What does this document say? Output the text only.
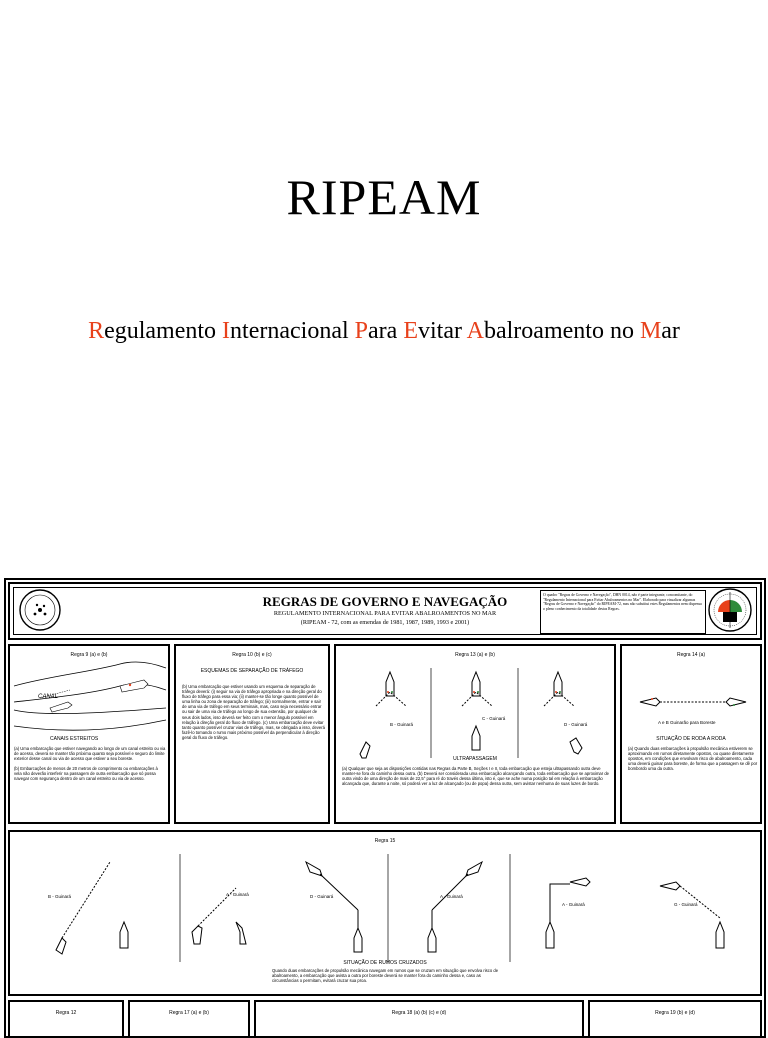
RIPEAM
Regulamento Internacional Para Evitar Abalroamento no Mar
REGRAS DE GOVERNO E NAVEGAÇÃO
REGULAMENTO INTERNACIONAL PARA EVITAR ABALROAMENTOS NO MAR
(RIPEAM - 72, com as emendas de 1981, 1987, 1989, 1993 e 2001)
O quadro "Regras de Governo e Navegação", DHN 0014, não é parte integrante, concomitante, do "Regulamento Internacional para Evitar Abalroamentos no Mar". Elaborado para visualizar algumas "Regras de Governo e Navegação" do RIPEAM-72, mas não substitui estes Regulamentos nem dispensa o pleno conhecimento da totalidade destas Regras.
Regra 9 (a) e (b)
CANAL
CANAIS ESTREITOS
(a) Uma embarcação que estiver navegando ao longo de um canal estreito ou via de acesso, deverá se manter tão próxima quanto seja possível e seguro do limite exterior desse canal ou via de acesso que estiver a seu boreste.
(b) Embarcações de menos de 20 metros de comprimento ou embarcações à vela não deverão interferir na passagem de outra embarcação que só possa navegar com segurança dentro de um canal estreito ou via de acesso.
Regra 10 (b) e (c)
ESQUEMAS DE SEPARAÇÃO DE TRÁFEGO
(b) Uma embarcação que estiver usando um esquema de separação de tráfego deverá: (i) seguir na via de tráfego apropriada e na direção geral do fluxo de tráfego para essa via; (ii) manter-se tão longe quanto possível de uma linha ou zona de separação de tráfego; (iii) normalmente, entrar e sair de uma via de tráfego em seus terminais, mas, caso seja necessário entrar ou sair de uma via de tráfego ao longo de sua extensão, por qualquer de seus dois lados, isso deverá ser feito com o menor ângulo possível em relação à direção geral do fluxo de tráfego. (c) Uma embarcação deve evitar tanto quanto possível cruzar vias de tráfego, mas, se obrigada a isso, deverá fazê-lo tomando o rumo mais próximo possível da perpendicular à direção geral do fluxo de tráfego.
Regra 13 (a) e (b)
B - Guinará
C - Guinará
D - Guinará
ULTRAPASSAGEM
(a) Qualquer que seja as disposições contidas nas Regras da Parte B, Seções I e II, toda embarcação que esteja ultrapassando outra deve manter-se fora do caminho dessa outra. (b) Deverá ser considerada uma embarcação alcançando outra, toda embarcação que se aproximar de outra vindo de uma direção de mais de 22,5° para ré do través dessa última, isto é, que se ache numa posição tal em relação à embarcação alcançada que, durante a noite, só poderá ver a luz de alcançado (ou de popa) dessa outra, sem avistar nenhuma de suas luzes de bordo.
Regra 14 (a)
A e B Guinarão para Boreste
SITUAÇÃO DE RODA A RODA
(a) Quando duas embarcações à propulsão mecânica estiverem se aproximando em rumos diretamente opostos, ou quase diretamente opostos, em condições que envolvam risco de abalroamento, cada uma deverá guinar para boreste, de forma que a passagem se dê por bombordo uma da outra.
Regra 15
B - Guinará	A - Guinará	D - Guinará	A - Guinará
A - Guinará	G - Guinará
SITUAÇÃO DE RUMOS CRUZADOS
Quando duas embarcações de propulsão mecânica navegam em rumos que se cruzam em situação que envolva risco de abalroamento, a embarcação que avista a outra por boreste deverá se manter fora do caminho dessa e, caso as circunstâncias o permitam, evitará cruzar sua proa.
Regra 12	Regra 17 (a) e (b)	Regra 18 (a) (b) (c) e (d)	Regra 19 (b) e (d)
